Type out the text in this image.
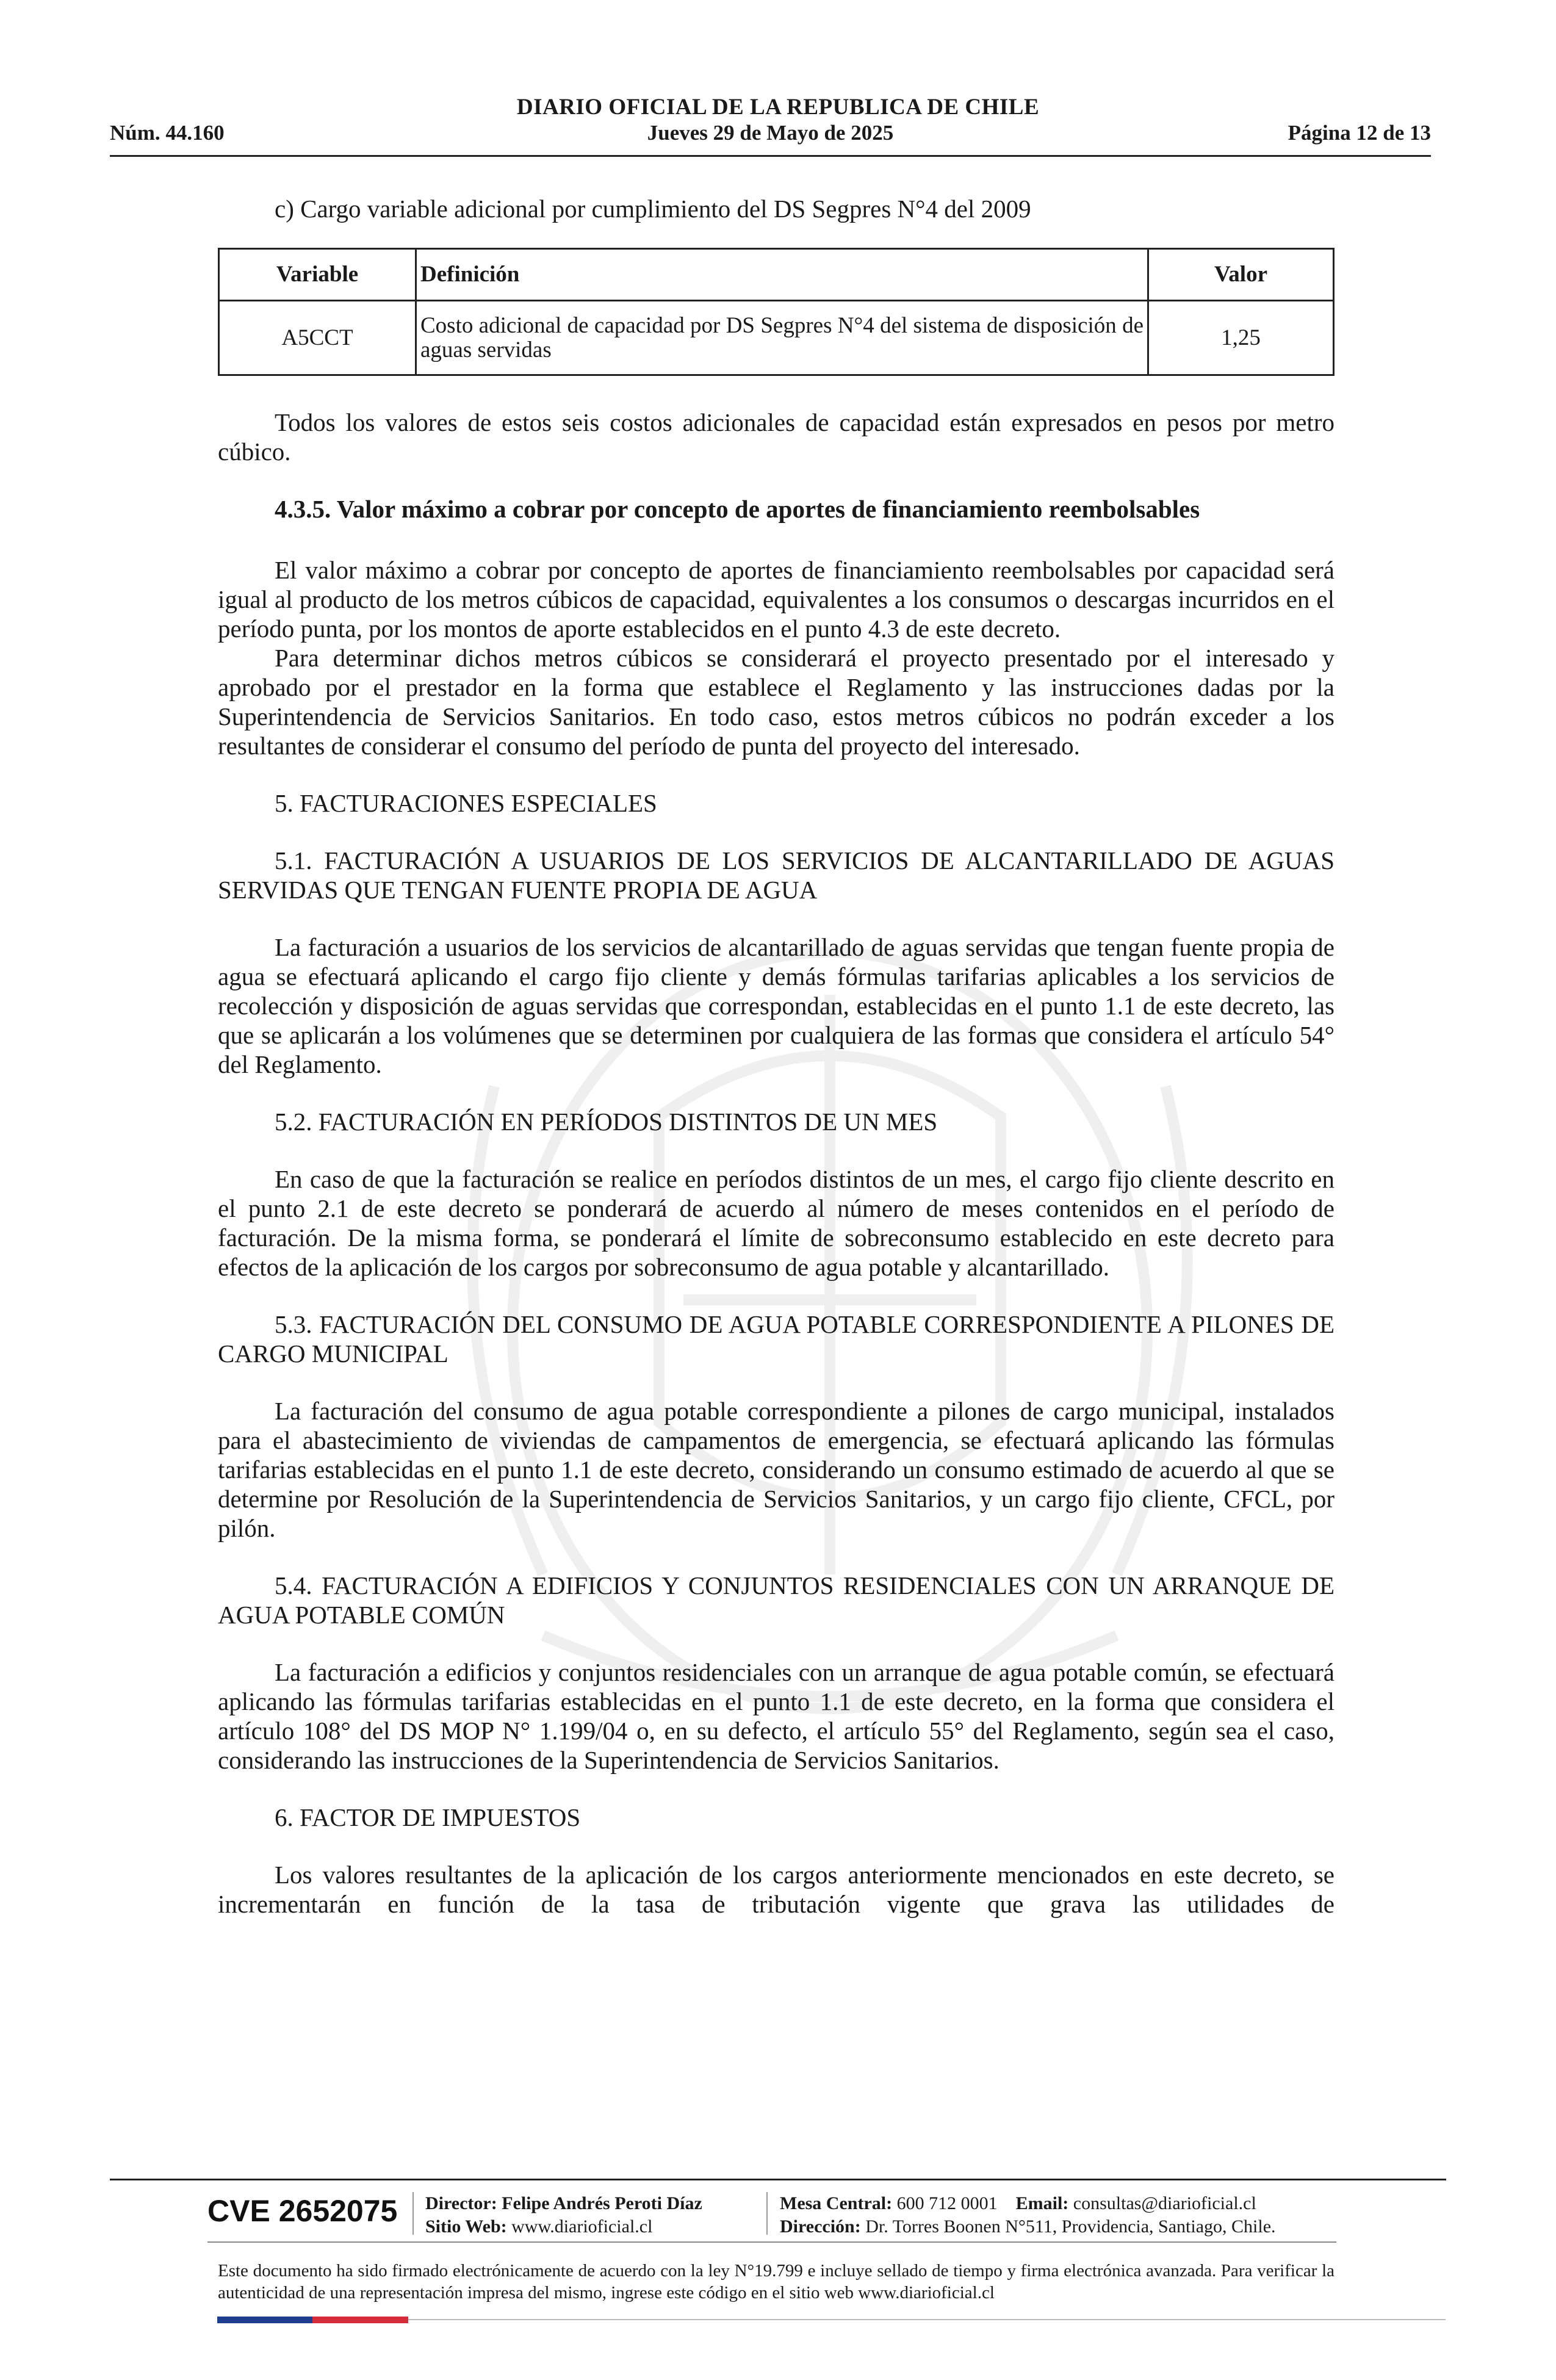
DIARIO OFICIAL DE LA REPUBLICA DE CHILE
Núm. 44.160	Jueves 29 de Mayo de 2025	Página 12 de 13

c) Cargo variable adicional por cumplimiento del DS Segpres N°4 del 2009

Variable	Definición	Valor
A5CCT	Costo adicional de capacidad por DS Segpres N°4 del sistema de disposición de aguas servidas	1,25

Todos los valores de estos seis costos adicionales de capacidad están expresados en pesos por metro cúbico.

4.3.5. Valor máximo a cobrar por concepto de aportes de financiamiento reembolsables

El valor máximo a cobrar por concepto de aportes de financiamiento reembolsables por capacidad será igual al producto de los metros cúbicos de capacidad, equivalentes a los consumos o descargas incurridos en el período punta, por los montos de aporte establecidos en el punto 4.3 de este decreto.

Para determinar dichos metros cúbicos se considerará el proyecto presentado por el interesado y aprobado por el prestador en la forma que establece el Reglamento y las instrucciones dadas por la Superintendencia de Servicios Sanitarios. En todo caso, estos metros cúbicos no podrán exceder a los resultantes de considerar el consumo del período de punta del proyecto del interesado.

5. FACTURACIONES ESPECIALES

5.1. FACTURACIÓN A USUARIOS DE LOS SERVICIOS DE ALCANTARILLADO DE AGUAS SERVIDAS QUE TENGAN FUENTE PROPIA DE AGUA

La facturación a usuarios de los servicios de alcantarillado de aguas servidas que tengan fuente propia de agua se efectuará aplicando el cargo fijo cliente y demás fórmulas tarifarias aplicables a los servicios de recolección y disposición de aguas servidas que correspondan, establecidas en el punto 1.1 de este decreto, las que se aplicarán a los volúmenes que se determinen por cualquiera de las formas que considera el artículo 54° del Reglamento.

5.2. FACTURACIÓN EN PERÍODOS DISTINTOS DE UN MES

En caso de que la facturación se realice en períodos distintos de un mes, el cargo fijo cliente descrito en el punto 2.1 de este decreto se ponderará de acuerdo al número de meses contenidos en el período de facturación. De la misma forma, se ponderará el límite de sobreconsumo establecido en este decreto para efectos de la aplicación de los cargos por sobreconsumo de agua potable y alcantarillado.

5.3. FACTURACIÓN DEL CONSUMO DE AGUA POTABLE CORRESPONDIENTE A PILONES DE CARGO MUNICIPAL

La facturación del consumo de agua potable correspondiente a pilones de cargo municipal, instalados para el abastecimiento de viviendas de campamentos de emergencia, se efectuará aplicando las fórmulas tarifarias establecidas en el punto 1.1 de este decreto, considerando un consumo estimado de acuerdo al que se determine por Resolución de la Superintendencia de Servicios Sanitarios, y un cargo fijo cliente, CFCL, por pilón.

5.4. FACTURACIÓN A EDIFICIOS Y CONJUNTOS RESIDENCIALES CON UN ARRANQUE DE AGUA POTABLE COMÚN

La facturación a edificios y conjuntos residenciales con un arranque de agua potable común, se efectuará aplicando las fórmulas tarifarias establecidas en el punto 1.1 de este decreto, en la forma que considera el artículo 108° del DS MOP N° 1.199/04 o, en su defecto, el artículo 55° del Reglamento, según sea el caso, considerando las instrucciones de la Superintendencia de Servicios Sanitarios.

6. FACTOR DE IMPUESTOS

Los valores resultantes de la aplicación de los cargos anteriormente mencionados en este decreto, se incrementarán en función de la tasa de tributación vigente que grava las utilidades de

CVE 2652075 Director: Felipe Andrés Peroti Díaz
Sitio Web: www.diarioficial.cl
Mesa Central: 600 712 0001 Email: consultas@diarioficial.cl
Dirección: Dr. Torres Boonen N°511, Providencia, Santiago, Chile.
Este documento ha sido firmado electrónicamente de acuerdo con la ley N°19.799 e incluye sellado de tiempo y firma electrónica avanzada. Para verificar la autenticidad de una representación impresa del mismo, ingrese este código en el sitio web www.diarioficial.cl
